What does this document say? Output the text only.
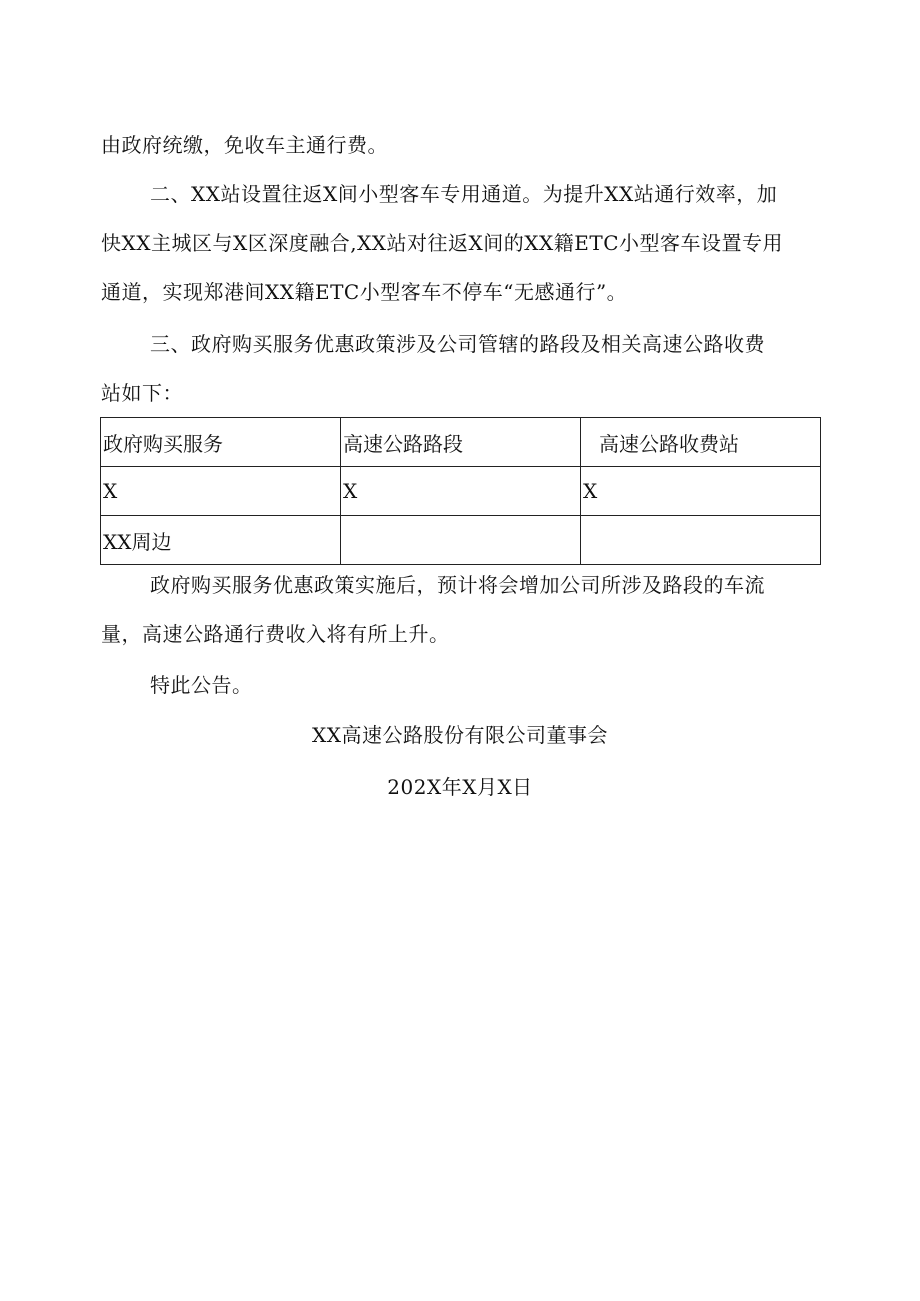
由政府统缴，免收车主通行费。
二、XX站设置往返X间小型客车专用通道。为提升XX站通行效率，加
快XX主城区与X区深度融合,XX站对往返X间的XX籍ETC小型客车设置专用
通道，实现郑港间XX籍ETC小型客车不停车“无感通行”。
三、政府购买服务优惠政策涉及公司管辖的路段及相关高速公路收费
站如下：
政府购买服务	高速公路路段	高速公路收费站
X	X	X
XX周边		
政府购买服务优惠政策实施后，预计将会增加公司所涉及路段的车流
量，高速公路通行费收入将有所上升。
特此公告。
XX高速公路股份有限公司董事会
202X年X月X日
